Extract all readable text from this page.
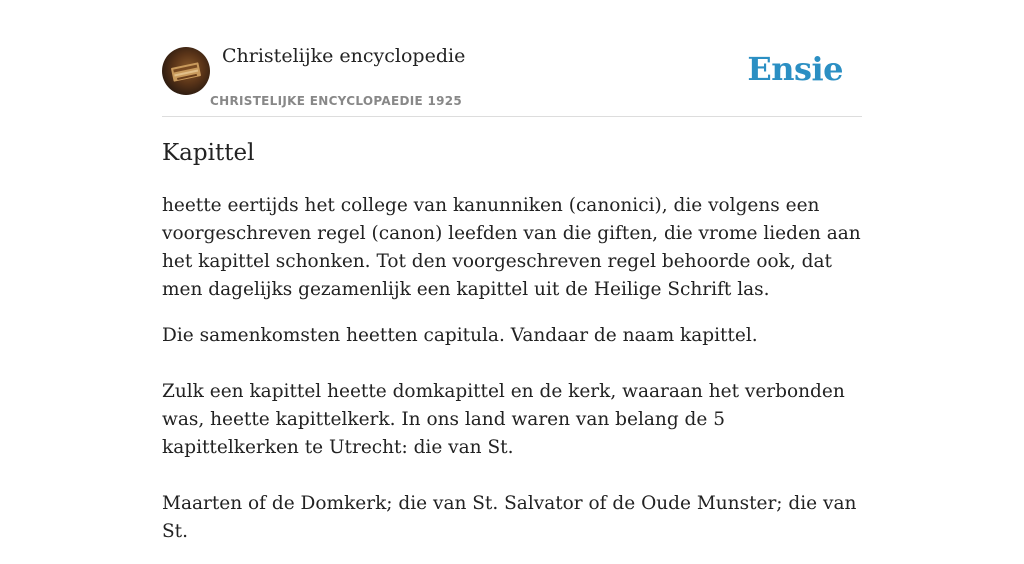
Christelijke encyclopedie
CHRISTELIJKE ENCYCLOPAEDIE 1925
Ensie
Kapittel

heette eertijds het college van kanunniken (canonici), die volgens een voorgeschreven regel (canon) leefden van die giften, die vrome lieden aan het kapittel schonken. Tot den voorgeschreven regel behoorde ook, dat men dagelijks gezamenlijk een kapittel uit de Heilige Schrift las.

Die samenkomsten heetten capitula. Vandaar de naam kapittel.

Zulk een kapittel heette domkapittel en de kerk, waaraan het verbonden was, heette kapittelkerk. In ons land waren van belang de 5 kapittelkerken te Utrecht: die van St.

Maarten of de Domkerk; die van St. Salvator of de Oude Munster; die van St.
